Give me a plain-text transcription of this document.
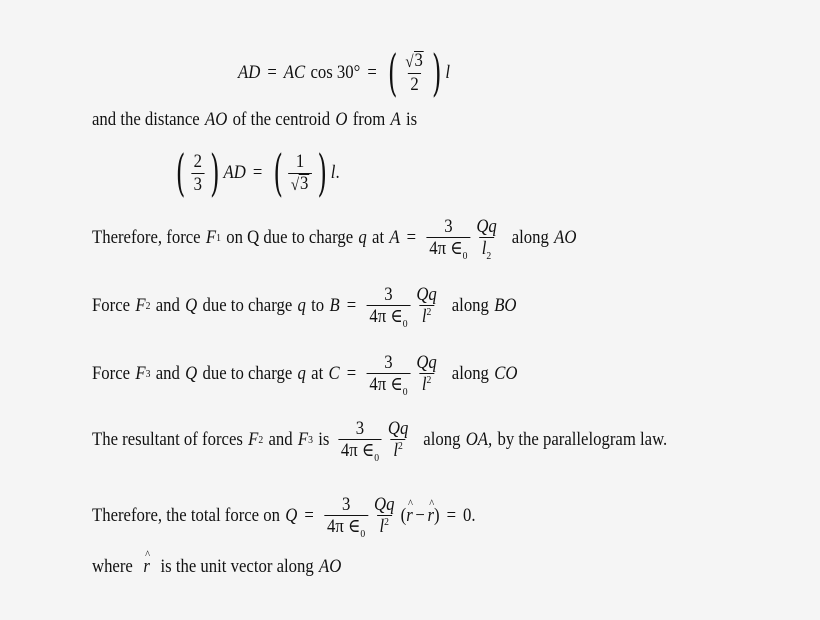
AD = AC cos 30° = ( $\frac{√ 3}{2}$ ) l
and the distance AO of the centroid O from A is
( $\frac{2}{3}$ ) AD = ( $\frac{1}{√ 3}$ ) l .
Therefore, force F 1 on Q due to charge q at $A = \frac{3}{4\pi \in_0} \frac{Qq}{l_2}$ along AO
Force F 2 and Q due to charge q to $B = \frac{3}{4\pi \in_0} \frac{Qq}{l^2}$ along BO
Force F 3 and Q due to charge q at $C = \frac{3}{4\pi \in_0} \frac{Qq}{l^2}$ along CO
The resultant of forces F 2 and F 3 is $\frac{3}{4\pi \in_0} \frac{Qq}{l^2}$ along OA, by the parallelogram law.
Therefore, the total force on $Q = \frac{3}{4\pi \in_0} \frac{Qq}{l^2}$ (^ r − ^ r) = 0.
where ^ r is the unit vector along AO
